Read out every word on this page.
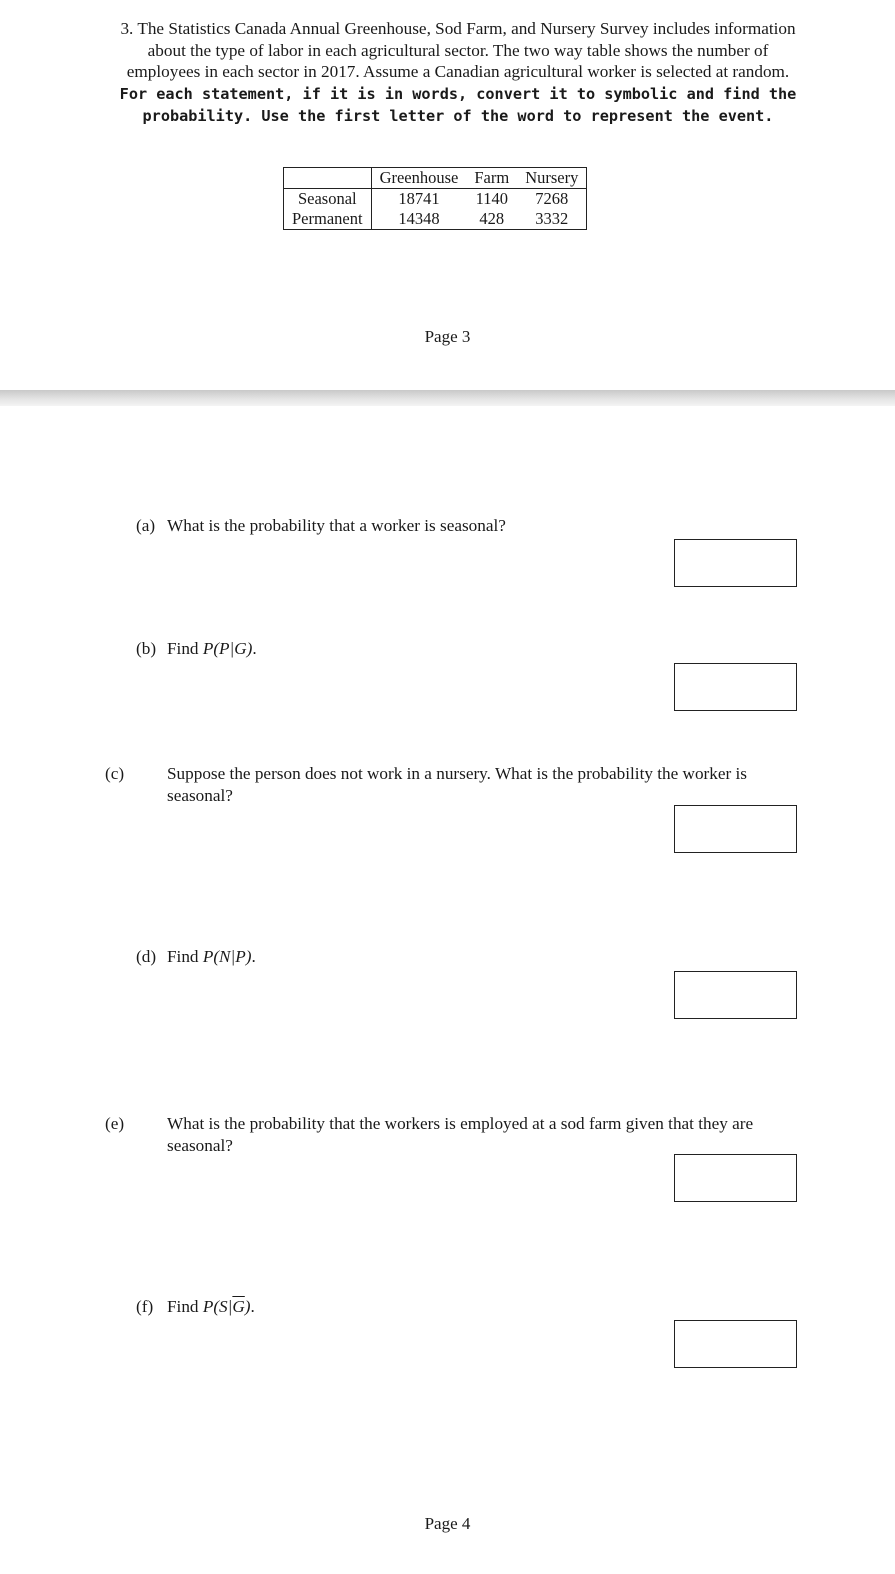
3. The Statistics Canada Annual Greenhouse, Sod Farm, and Nursery Survey includes information about the type of labor in each agricultural sector. The two way table shows the number of employees in each sector in 2017. Assume a Canadian agricultural worker is selected at random. For each statement, if it is in words, convert it to symbolic and find the probability. Use the first letter of the word to represent the event.
	Greenhouse	Farm	Nursery
Seasonal	18741	1140	7268
Permanent	14348	428	3332
Page 3
(a) What is the probability that a worker is seasonal?
(b) Find P(P|G).
(c) Suppose the person does not work in a nursery. What is the probability the worker is seasonal?
(d) Find P(N|P).
(e) What is the probability that the workers is employed at a sod farm given that they are seasonal?
(f) Find $P(S|\overline{G})$.
Page 4
